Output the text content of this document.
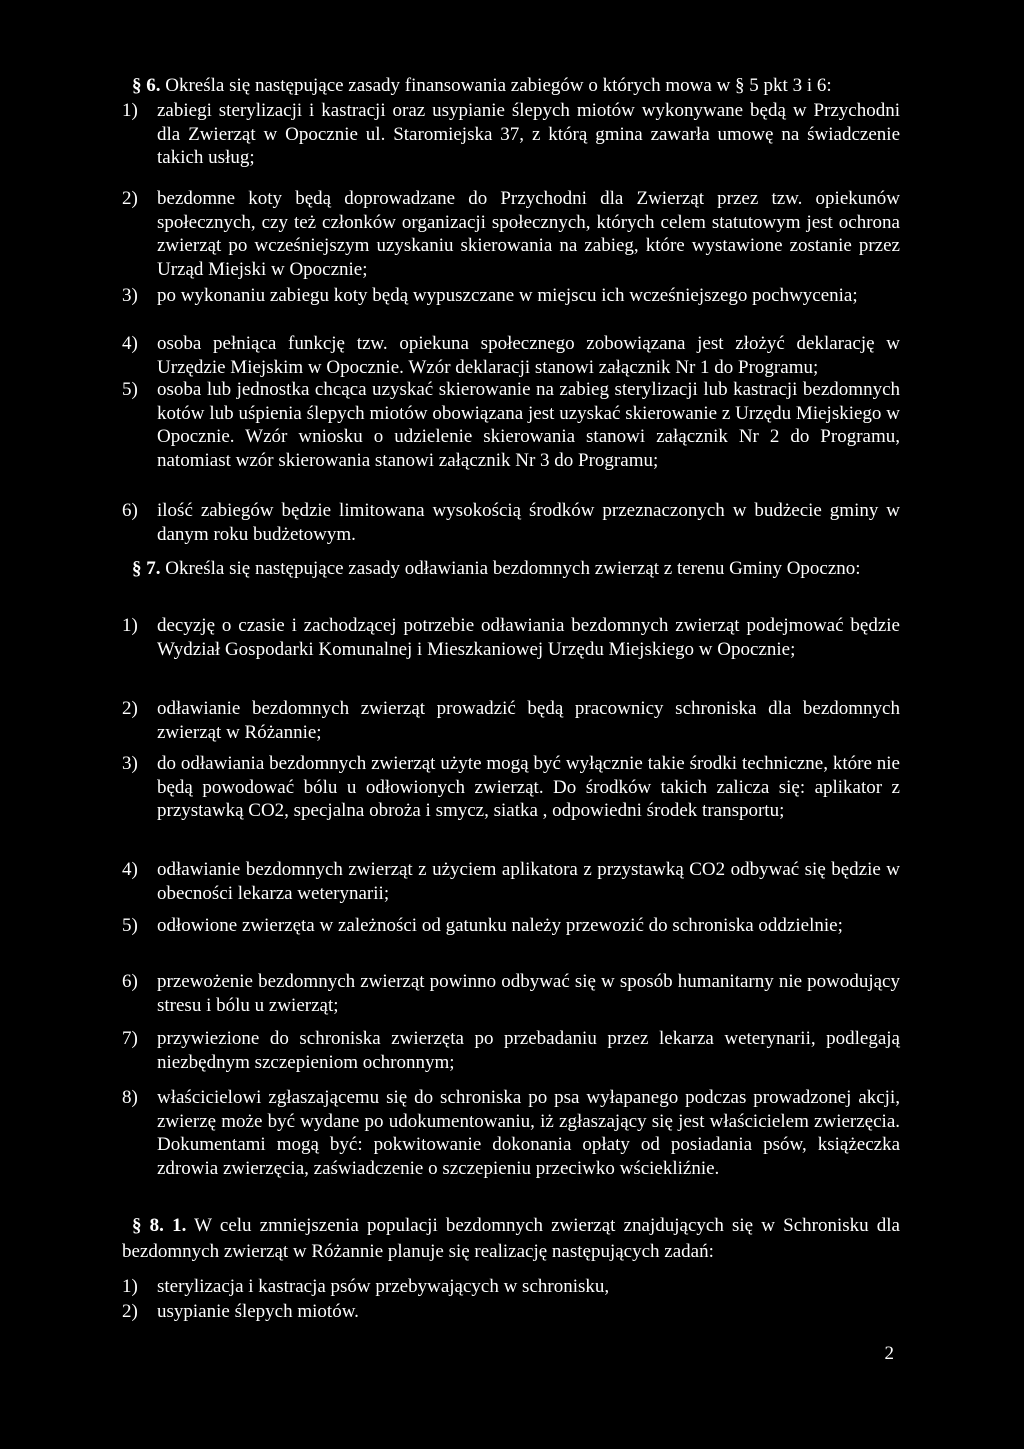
§ 6. Określa się następujące zasady finansowania zabiegów o których mowa w § 5 pkt 3 i 6:
1) zabiegi sterylizacji i kastracji oraz usypianie ślepych miotów wykonywane będą w Przychodni dla Zwierząt w Opocznie ul. Staromiejska 37, z którą gmina zawarła umowę na świadczenie takich usług;
2) bezdomne koty będą doprowadzane do Przychodni dla Zwierząt przez tzw. opiekunów społecznych, czy też członków organizacji społecznych, których celem statutowym jest ochrona zwierząt po wcześniejszym uzyskaniu skierowania na zabieg, które wystawione zostanie przez Urząd Miejski w Opocznie;
3) po wykonaniu zabiegu koty będą wypuszczane w miejscu ich wcześniejszego pochwycenia;
4) osoba pełniąca funkcję tzw. opiekuna społecznego zobowiązana jest złożyć deklarację w Urzędzie Miejskim w Opocznie. Wzór deklaracji stanowi załącznik Nr 1 do Programu;
5) osoba lub jednostka chcąca uzyskać skierowanie na zabieg sterylizacji lub kastracji bezdomnych kotów lub uśpienia ślepych miotów obowiązana jest uzyskać skierowanie z Urzędu Miejskiego w Opocznie. Wzór wniosku o udzielenie skierowania stanowi załącznik Nr 2 do Programu, natomiast wzór skierowania stanowi załącznik Nr 3 do Programu;
6) ilość zabiegów będzie limitowana wysokością środków przeznaczonych w budżecie gminy w danym roku budżetowym.
§ 7. Określa się następujące zasady odławiania bezdomnych zwierząt z terenu Gminy Opoczno:
1) decyzję o czasie i zachodzącej potrzebie odławiania bezdomnych zwierząt podejmować będzie Wydział Gospodarki Komunalnej i Mieszkaniowej Urzędu Miejskiego w Opocznie;
2) odławianie bezdomnych zwierząt prowadzić będą pracownicy schroniska dla bezdomnych zwierząt w Różannie;
3) do odławiania bezdomnych zwierząt użyte mogą być wyłącznie takie środki techniczne, które nie będą powodować bólu u odłowionych zwierząt. Do środków takich zalicza się: aplikator z przystawką CO2, specjalna obroża i smycz, siatka , odpowiedni środek transportu;
4) odławianie bezdomnych zwierząt z użyciem aplikatora z przystawką CO2 odbywać się będzie w obecności lekarza weterynarii;
5) odłowione zwierzęta w zależności od gatunku należy przewozić do schroniska oddzielnie;
6) przewożenie bezdomnych zwierząt powinno odbywać się w sposób humanitarny nie powodujący stresu i bólu u zwierząt;
7) przywiezione do schroniska zwierzęta po przebadaniu przez lekarza weterynarii, podlegają niezbędnym szczepieniom ochronnym;
8) właścicielowi zgłaszającemu się do schroniska po psa wyłapanego podczas prowadzonej akcji, zwierzę może być wydane po udokumentowaniu, iż zgłaszający się jest właścicielem zwierzęcia. Dokumentami mogą być: pokwitowanie dokonania opłaty od posiadania psów, książeczka zdrowia zwierzęcia, zaświadczenie o szczepieniu przeciwko wściekliźnie.
§ 8. 1. W celu zmniejszenia populacji bezdomnych zwierząt znajdujących się w Schronisku dla bezdomnych zwierząt w Różannie planuje się realizację następujących zadań:
1) sterylizacja i kastracja psów przebywających w schronisku,
2) usypianie ślepych miotów.
2
